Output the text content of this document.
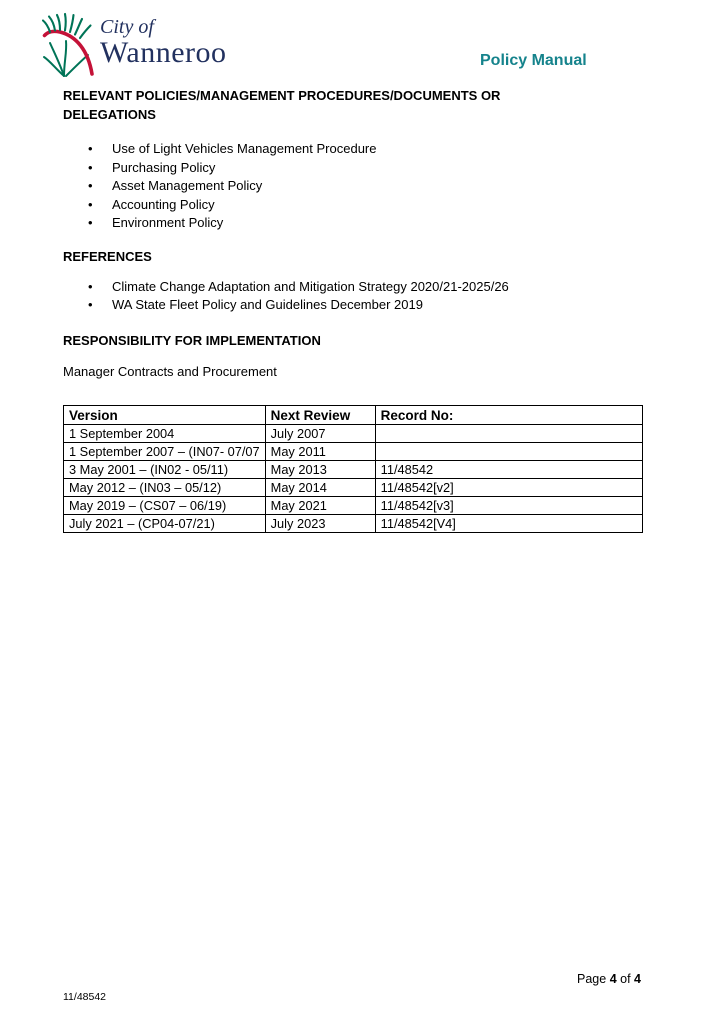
City of
Wanneroo	Policy Manual
RELEVANT POLICIES/MANAGEMENT PROCEDURES/DOCUMENTS OR DELEGATIONS
• Use of Light Vehicles Management Procedure
• Purchasing Policy
• Asset Management Policy
• Accounting Policy
• Environment Policy
REFERENCES
• Climate Change Adaptation and Mitigation Strategy 2020/21-2025/26
• WA State Fleet Policy and Guidelines December 2019
RESPONSIBILITY FOR IMPLEMENTATION

Manager Contracts and Procurement

Version	Next Review	Record No:
1 September 2004	July 2007	
1 September 2007 – (IN07- 07/07	May 2011	
3 May 2001 – (IN02 - 05/11)	May 2013	11/48542
May 2012 – (IN03 – 05/12)	May 2014	11/48542[v2]
May 2019 – (CS07 – 06/19)	May 2021	11/48542[v3]
July 2021 – (CP04-07/21)	July 2023	11/48542[V4]
11/48542
Page 4 of 4
